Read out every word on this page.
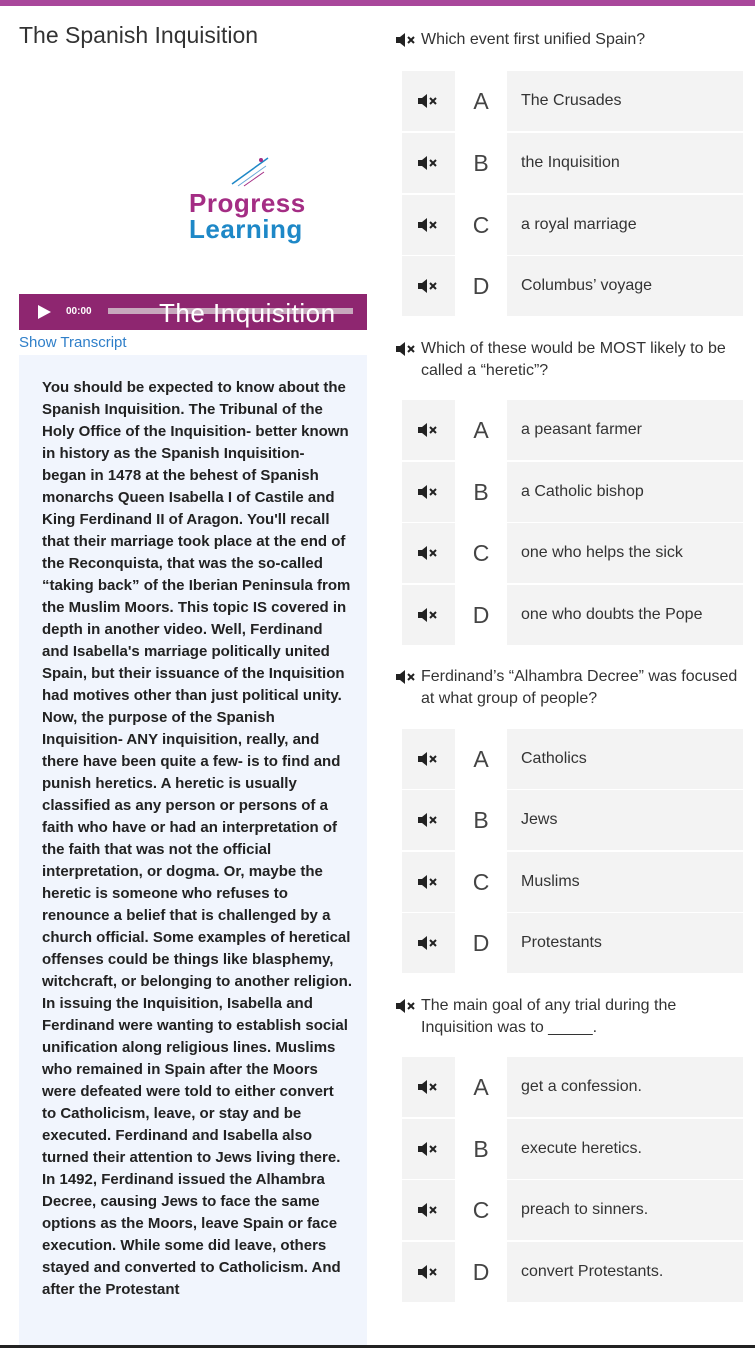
The Spanish Inquisition
Progress
Learning
00:00	The Inquisition
Show Transcript
You should be expected to know about the Spanish Inquisition. The Tribunal of the Holy Office of the Inquisition- better known in history as the Spanish Inquisition- began in 1478 at the behest of Spanish monarchs Queen Isabella I of Castile and King Ferdinand II of Aragon. You'll recall that their marriage took place at the end of the Reconquista, that was the so-called “taking back” of the Iberian Peninsula from the Muslim Moors. This topic IS covered in depth in another video. Well, Ferdinand and Isabella's marriage politically united Spain, but their issuance of the Inquisition had motives other than just political unity. Now, the purpose of the Spanish Inquisition- ANY inquisition, really, and there have been quite a few- is to find and punish heretics. A heretic is usually classified as any person or persons of a faith who have or had an interpretation of the faith that was not the official interpretation, or dogma. Or, maybe the heretic is someone who refuses to renounce a belief that is challenged by a church official. Some examples of heretical offenses could be things like blasphemy, witchcraft, or belonging to another religion. In issuing the Inquisition, Isabella and Ferdinand were wanting to establish social unification along religious lines. Muslims who remained in Spain after the Moors were defeated were told to either convert to Catholicism, leave, or stay and be executed. Ferdinand and Isabella also turned their attention to Jews living there. In 1492, Ferdinand issued the Alhambra Decree, causing Jews to face the same options as the Moors, leave Spain or face execution. While some did leave, others stayed and converted to Catholicism. And after the Protestant
Which event first unified Spain?
A	The Crusades
B	the Inquisition
C	a royal marriage
D	Columbus’ voyage
Which of these would be MOST likely to be called a “heretic”?
A	a peasant farmer
B	a Catholic bishop
C	one who helps the sick
D	one who doubts the Pope
Ferdinand’s “Alhambra Decree” was focused at what group of people?
A	Catholics
B	Jews
C	Muslims
D	Protestants
The main goal of any trial during the Inquisition was to _____.
A	get a confession.
B	execute heretics.
C	preach to sinners.
D	convert Protestants.
